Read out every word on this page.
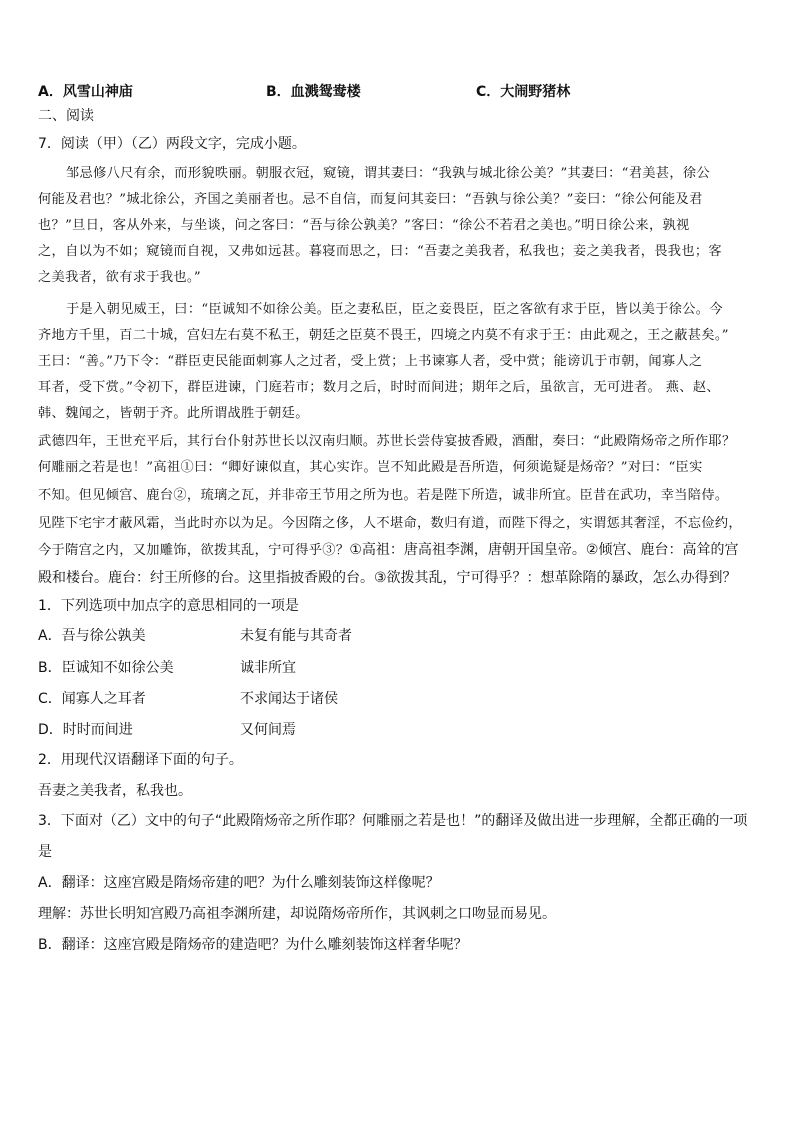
A．风雪山神庙	B．血溅鸳鸯楼	C．大闹野猪林
二、阅读
7．阅读（甲）（乙）两段文字，完成小题。
邹忌修八尺有余，而形貌昳丽。朝服衣冠，窥镜，谓其妻曰：“我孰与城北徐公美？”其妻曰：“君美甚，徐公
何能及君也？”城北徐公，齐国之美丽者也。忌不自信，而复问其妾曰：“吾孰与徐公美？”妾曰：“徐公何能及君
也？”旦日，客从外来，与坐谈，问之客曰：“吾与徐公孰美？”客曰：“徐公不若君之美也。”明日徐公来，孰视
之，自以为不如；窥镜而自视，又弗如远甚。暮寝而思之，曰：“吾妻之美我者，私我也；妾之美我者，畏我也；客
之美我者，欲有求于我也。”
于是入朝见威王，曰：“臣诚知不如徐公美。臣之妻私臣，臣之妾畏臣，臣之客欲有求于臣，皆以美于徐公。今
齐地方千里，百二十城，宫妇左右莫不私王，朝廷之臣莫不畏王，四境之内莫不有求于王：由此观之，王之蔽甚矣。”
王曰：“善。”乃下令：“群臣吏民能面刺寡人之过者，受上赏；上书谏寡人者，受中赏；能谤讥于市朝，闻寡人之
耳者，受下赏。”令初下，群臣进谏，门庭若市；数月之后，时时而间进；期年之后，虽欲言，无可进者。 燕、赵、
韩、魏闻之，皆朝于齐。此所谓战胜于朝廷。
武德四年，王世充平后，其行台仆射苏世长以汉南归顺。苏世长尝侍宴披香殿，酒酣，奏曰：“此殿隋炀帝之所作耶？
何雕丽之若是也！”高祖①曰：“卿好谏似直，其心实诈。岂不知此殿是吾所造，何须诡疑是炀帝？”对曰：“臣实
不知。但见倾宫、鹿台②，琉璃之瓦，并非帝王节用之所为也。若是陛下所造，诚非所宜。臣昔在武功，幸当陪侍。
见陛下宅宇才蔽风霜，当此时亦以为足。今因隋之侈，人不堪命，数归有道，而陛下得之，实谓惩其奢淫，不忘俭约，
今于隋宫之内，又加雕饰，欲拨其乱，宁可得乎③？①高祖：唐高祖李渊，唐朝开国皇帝。②倾宫、鹿台：高耸的宫
殿和楼台。鹿台：纣王所修的台。这里指披香殿的台。③欲拨其乱，宁可得乎？：想革除隋的暴政，怎么办得到？
1．下列选项中加点字的意思相同的一项是
A．吾与徐公孰美	未复有能与其奇者
B．臣诚知不如徐公美	诚非所宜
C．闻寡人之耳者	不求闻达于诸侯
D．时时而间进	又何间焉
2．用现代汉语翻译下面的句子。
吾妻之美我者，私我也。
3．下面对（乙）文中的句子“此殿隋炀帝之所作耶？何雕丽之若是也！”的翻译及做出进一步理解，全都正确的一项
是
A．翻译：这座宫殿是隋炀帝建的吧？为什么雕刻装饰这样像呢？
理解：苏世长明知宫殿乃高祖李渊所建，却说隋炀帝所作，其讽刺之口吻显而易见。
B．翻译：这座宫殿是隋炀帝的建造吧？为什么雕刻装饰这样奢华呢？
